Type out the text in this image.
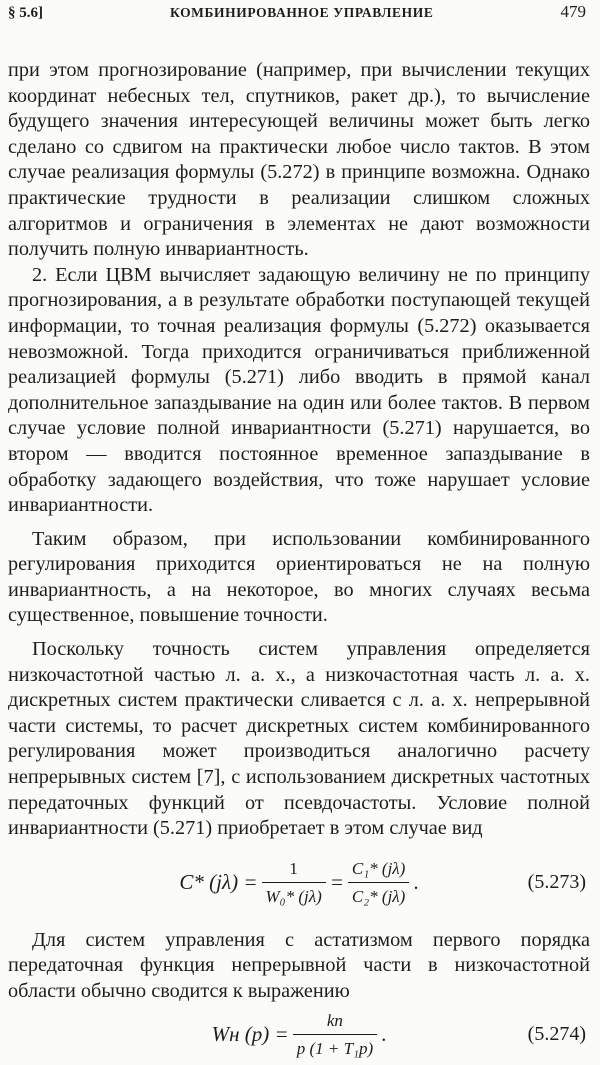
§ 5.6]	КОМБИНИРОВАННОЕ УПРАВЛЕНИЕ	479

при этом прогнозирование (например, при вычислении текущих координат небесных тел, спутников, ракет др.), то вычисление будущего значения интересующей величины может быть легко сделано со сдвигом на практически любое число тактов. В этом случае реализация формулы (5.272) в принципе возможна. Однако практические трудности в реализации слишком сложных алгоритмов и ограничения в элементах не дают возможности получить полную инвариантность.

2. Если ЦВМ вычисляет задающую величину не по принципу прогнозирования, а в результате обработки поступающей текущей информации, то точная реализация формулы (5.272) оказывается невозможной. Тогда приходится ограничиваться приближенной реализацией формулы (5.271) либо вводить в прямой канал дополнительное запаздывание на один или более тактов. В первом случае условие полной инвариантности (5.271) нарушается, во втором — вводится постоянное временное запаздывание в обработку задающего воздействия, что тоже нарушает условие инвариантности.

Таким образом, при использовании комбинированного регулирования приходится ориентироваться не на полную инвариантность, а на некоторое, во многих случаях весьма существенное, повышение точности.

Поскольку точность систем управления определяется низкочастотной частью л. а. х., а низкочастотная часть л. а. х. дискретных систем практически сливается с л. а. х. непрерывной части системы, то расчет дискретных систем комбинированного регулирования может производиться аналогично расчету непрерывных систем [7], с использованием дискретных частотных передаточных функций от псевдочастоты. Условие полной инвариантности (5.271) приобретает в этом случае вид

C* $(j\lambda) = \frac{1}{\text{W₀* (jλ)}} = \frac{\text{C₁* (jλ)}}{\text{C₂* (jλ)}}$ .	(5.273)

Для систем управления с астатизмом первого порядка передаточная функция непрерывной части в низкочастотной области обычно сводится к выражению

Wн $(p) = \frac{kп}{\text{p (1 + T₁p)}}$ .	(5.274)
